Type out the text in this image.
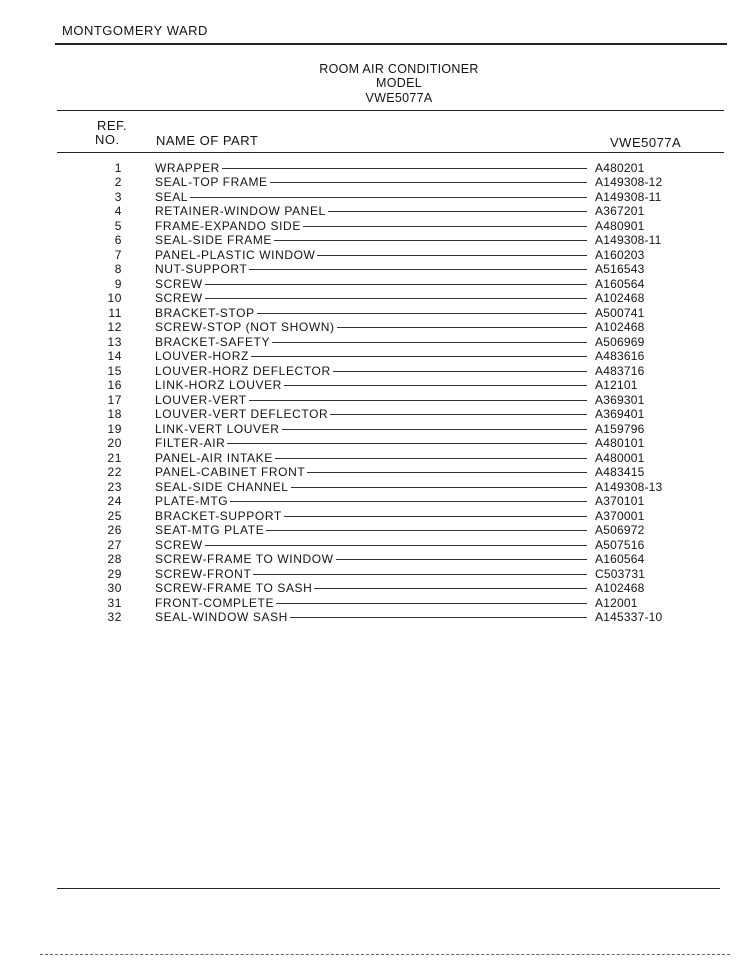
MONTGOMERY WARD
ROOM AIR CONDITIONER
MODEL
VWE5077A
REF.
NO.	NAME OF PART	VWE5077A
1	WRAPPER	A480201
2	SEAL-TOP FRAME	A149308-12
3	SEAL	A149308-11
4	RETAINER-WINDOW PANEL	A367201
5	FRAME-EXPANDO SIDE	A480901
6	SEAL-SIDE FRAME	A149308-11
7	PANEL-PLASTIC WINDOW	A160203
8	NUT-SUPPORT	A516543
9	SCREW	A160564
10	SCREW	A102468
11	BRACKET-STOP	A500741
12	SCREW-STOP (NOT SHOWN)	A102468
13	BRACKET-SAFETY	A506969
14	LOUVER-HORZ	A483616
15	LOUVER-HORZ DEFLECTOR	A483716
16	LINK-HORZ LOUVER	A12101
17	LOUVER-VERT	A369301
18	LOUVER-VERT DEFLECTOR	A369401
19	LINK-VERT LOUVER	A159796
20	FILTER-AIR	A480101
21	PANEL-AIR INTAKE	A480001
22	PANEL-CABINET FRONT	A483415
23	SEAL-SIDE CHANNEL	A149308-13
24	PLATE-MTG	A370101
25	BRACKET-SUPPORT	A370001
26	SEAT-MTG PLATE	A506972
27	SCREW	A507516
28	SCREW-FRAME TO WINDOW	A160564
29	SCREW-FRONT	C503731
30	SCREW-FRAME TO SASH	A102468
31	FRONT-COMPLETE	A12001
32	SEAL-WINDOW SASH	A145337-10
